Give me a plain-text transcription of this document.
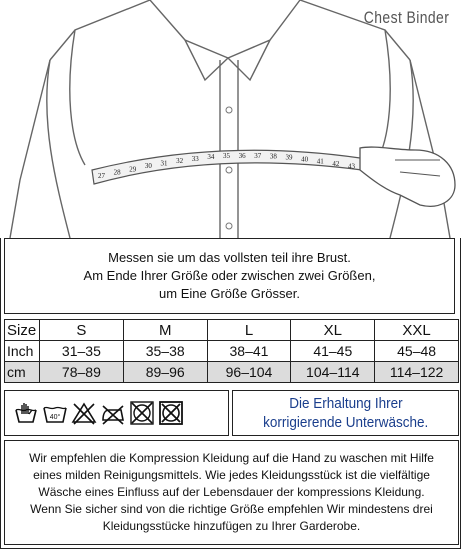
27 28 29 30 31 32 33 34 35 36 37 38 39 40 41 42 43
Chest Binder
Messen sie um das vollsten teil ihre Brust.
Am Ende Ihrer Größe oder zwischen zwei Größen,
um Eine Größe Grösser.
Size	S	M	L	XL	XXL
Inch	31–35	35–38	38–41	41–45	45–48
cm	78–89	89–96	96–104	104–114	114–122
40°
Die Erhaltung Ihrer
korrigierende Unterwäsche.
Wir empfehlen die Kompression Kleidung auf die Hand zu waschen mit Hilfe
eines milden Reinigungsmittels. Wie jedes Kleidungsstück ist die vielfältige
Wäsche eines Einfluss auf der Lebensdauer der kompressions Kleidung.
Wenn Sie sicher sind von die richtige Größe empfehlen Wir mindestens drei
Kleidungsstücke hinzufügen zu Ihrer Garderobe.
